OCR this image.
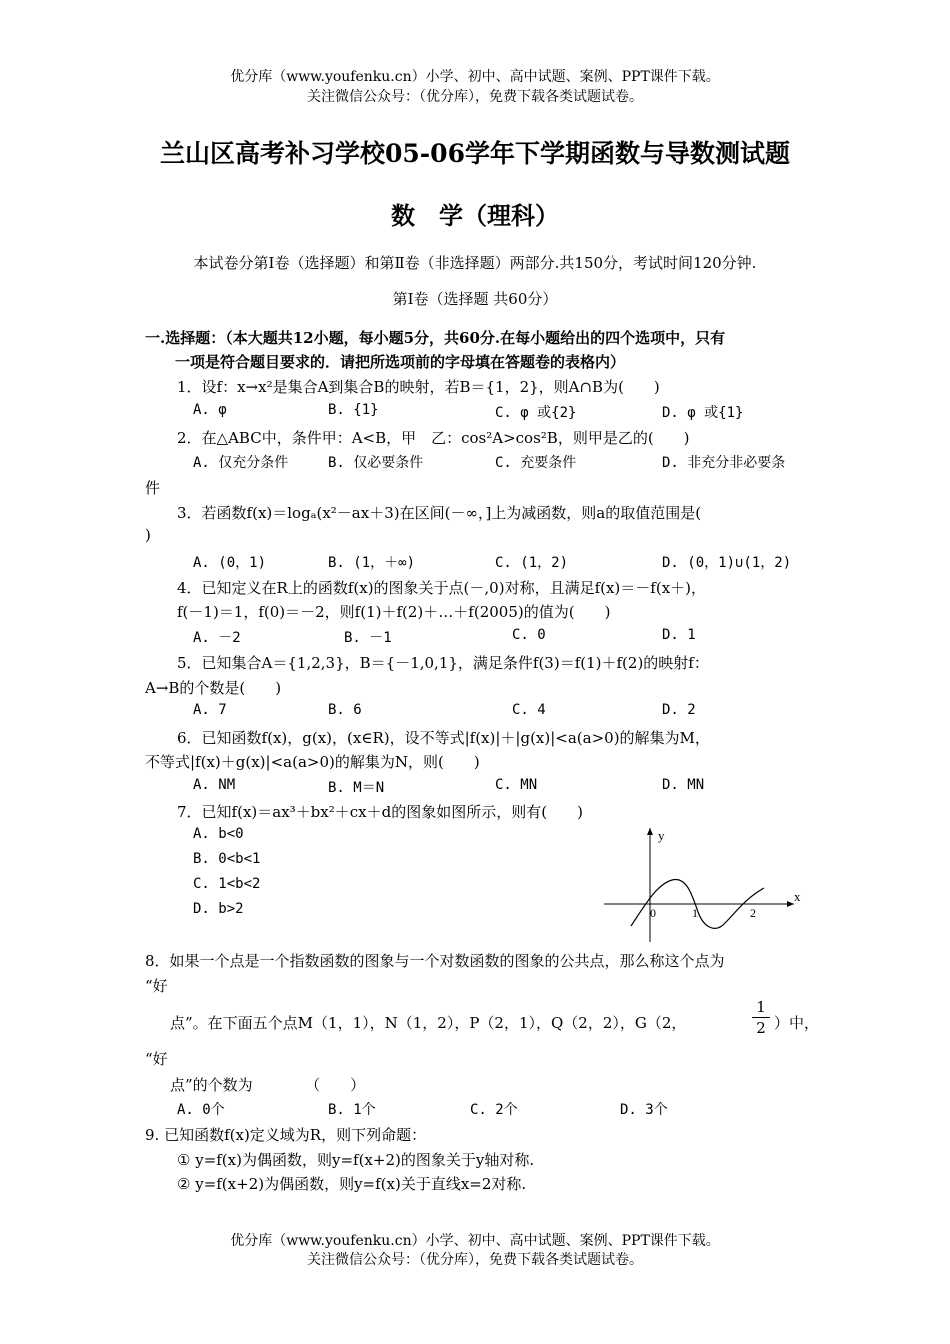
优分库（www.youfenku.cn）小学、初中、高中试题、案例、PPT课件下载。
关注微信公众号：（优分库），免费下载各类试题试卷。
兰山区高考补习学校05-06学年下学期函数与导数测试题
数　学（理科）
本试卷分第Ⅰ卷（选择题）和第Ⅱ卷（非选择题）两部分.共150分，考试时间120分钟.
第Ⅰ卷（选择题 共60分）
一.选择题：（本大题共12小题，每小题5分，共60分.在每小题给出的四个选项中，只有
一项是符合题目要求的．请把所选项前的字母填在答题卷的表格内）
1．设f：x→x²是集合A到集合B的映射，若B＝{1，2}，则A∩B为(　　)
A. φ	B. {1}	C. φ 或{2}	D. φ 或{1}
2．在△ABC中，条件甲：A<B，甲　乙：cos²A>cos²B，则甲是乙的(　　)
A. 仅充分条件	B. 仅必要条件	C. 充要条件	D. 非充分非必要条
件
3．若函数f(x)＝logₐ(x²－ax＋3)在区间(－∞，]上为减函数，则a的取值范围是(
)
A. (0，1)	B. (1，＋∞)	C. (1，2)	D. (0，1)∪(1，2)
4．已知定义在R上的函数f(x)的图象关于点(－,0)对称，且满足f(x)＝－f(x＋)，
f(－1)＝1，f(0)＝－2，则f(1)＋f(2)＋…＋f(2005)的值为(　　)
A. －2	B. －1	C. 0	D. 1
5．已知集合A＝{1,2,3}，B＝{－1,0,1}，满足条件f(3)＝f(1)＋f(2)的映射f：
A→B的个数是(　　)
A. 7	B. 6	C. 4	D. 2
6．已知函数f(x)，g(x)，(x∈R)，设不等式|f(x)|＋|g(x)|<a(a>0)的解集为M，
不等式|f(x)＋g(x)|<a(a>0)的解集为N，则(　　)
A. NM	B. M＝N	C. MN	D. MN
7．已知f(x)＝ax³＋bx²＋cx＋d的图象如图所示，则有(　　)
A. b<0
B. 0<b<1
C. 1<b<2
D. b>2
x
y
0	1	2
8．如果一个点是一个指数函数的图象与一个对数函数的图象的公共点，那么称这个点为
“好
点”。在下面五个点M（1，1），N（1，2），P（2，1），Q（2，2），G（2，
1
2 ）中，
“好
点”的个数为　　　　（　　）
A. 0个	B. 1个	C. 2个	D. 3个
9. 已知函数f(x)定义域为R，则下列命题：
① y=f(x)为偶函数，则y=f(x+2)的图象关于y轴对称.
② y=f(x+2)为偶函数，则y=f(x)关于直线x=2对称.
优分库（www.youfenku.cn）小学、初中、高中试题、案例、PPT课件下载。
关注微信公众号：（优分库），免费下载各类试题试卷。
